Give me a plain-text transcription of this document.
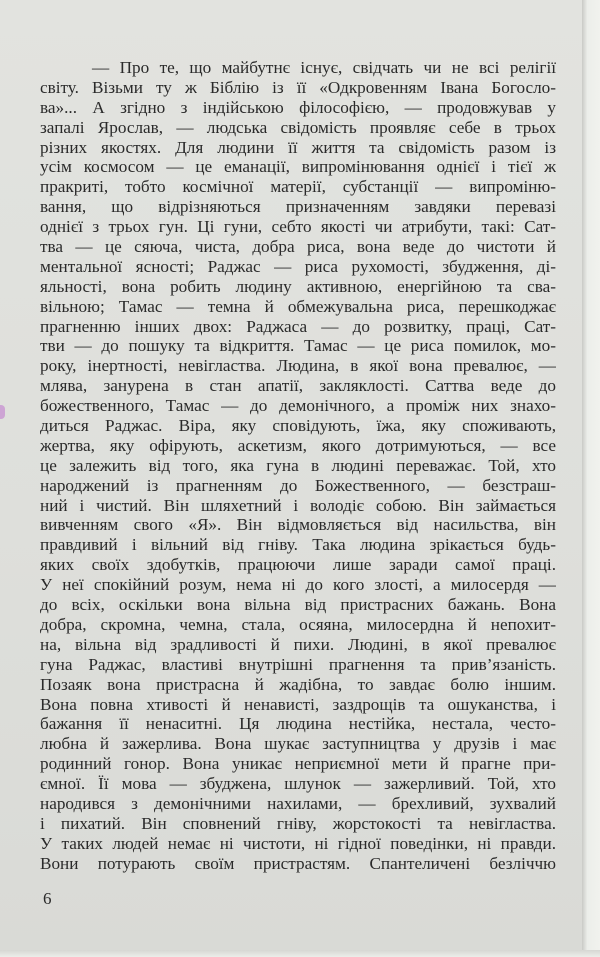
— Про те, що майбутнє існує, свідчать чи не всі релігії
світу. Візьми ту ж Біблію із її «Одкровенням Івана Богосло-
ва»... А згідно з індійською філософією, — продовжував у
запалі Ярослав, — людська свідомість проявляє себе в трьох
різних якостях. Для людини її життя та свідомість разом із
усім космосом — це еманації, випромінювання однієї і тієї ж
пракриті, тобто космічної матерії, субстанції — випроміню-
вання, що відрізняються призначенням завдяки перевазі
однієї з трьох гун. Ці гуни, себто якості чи атрибути, такі: Сат-
тва — це сяюча, чиста, добра риса, вона веде до чистоти й
ментальної ясності; Раджас — риса рухомості, збудження, ді-
яльності, вона робить людину активною, енергійною та сва-
вільною; Тамас — темна й обмежувальна риса, перешкоджає
прагненню інших двох: Раджаса — до розвитку, праці, Сат-
тви — до пошуку та відкриття. Тамас — це риса помилок, мо-
року, інертності, невігластва. Людина, в якої вона превалює, —
млява, занурена в стан апатії, закляклості. Саттва веде до
божественного, Тамас — до демонічного, а проміж них знахо-
диться Раджас. Віра, яку сповідують, їжа, яку споживають,
жертва, яку офірують, аскетизм, якого дотримуються, — все
це залежить від того, яка гуна в людині переважає. Той, хто
народжений із прагненням до Божественного, — безстраш-
ний і чистий. Він шляхетний і володіє собою. Він займається
вивченням свого «Я». Він відмовляється від насильства, він
правдивий і вільний від гніву. Така людина зрікається будь-
яких своїх здобутків, працюючи лише заради самої праці.
У неї спокійний розум, нема ні до кого злості, а милосердя —
до всіх, оскільки вона вільна від пристрасних бажань. Вона
добра, скромна, чемна, стала, осяяна, милосердна й непохит-
на, вільна від зрадливості й пихи. Людині, в якої превалює
гуна Раджас, властиві внутрішні прагнення та прив’язаність.
Позаяк вона пристрасна й жадібна, то завдає болю іншим.
Вона повна хтивості й ненависті, заздрощів та ошуканства, і
бажання її ненаситні. Ця людина нестійка, нестала, често-
любна й зажерлива. Вона шукає заступництва у друзів і має
родинний гонор. Вона уникає неприємної мети й прагне при-
ємної. Її мова — збуджена, шлунок — зажерливий. Той, хто
народився з демонічними нахилами, — брехливий, зухвалий
і пихатий. Він сповнений гніву, жорстокості та невігластва.
У таких людей немає ні чистоти, ні гідної поведінки, ні правди.
Вони потурають своїм пристрастям. Спантеличені безліччю
6
